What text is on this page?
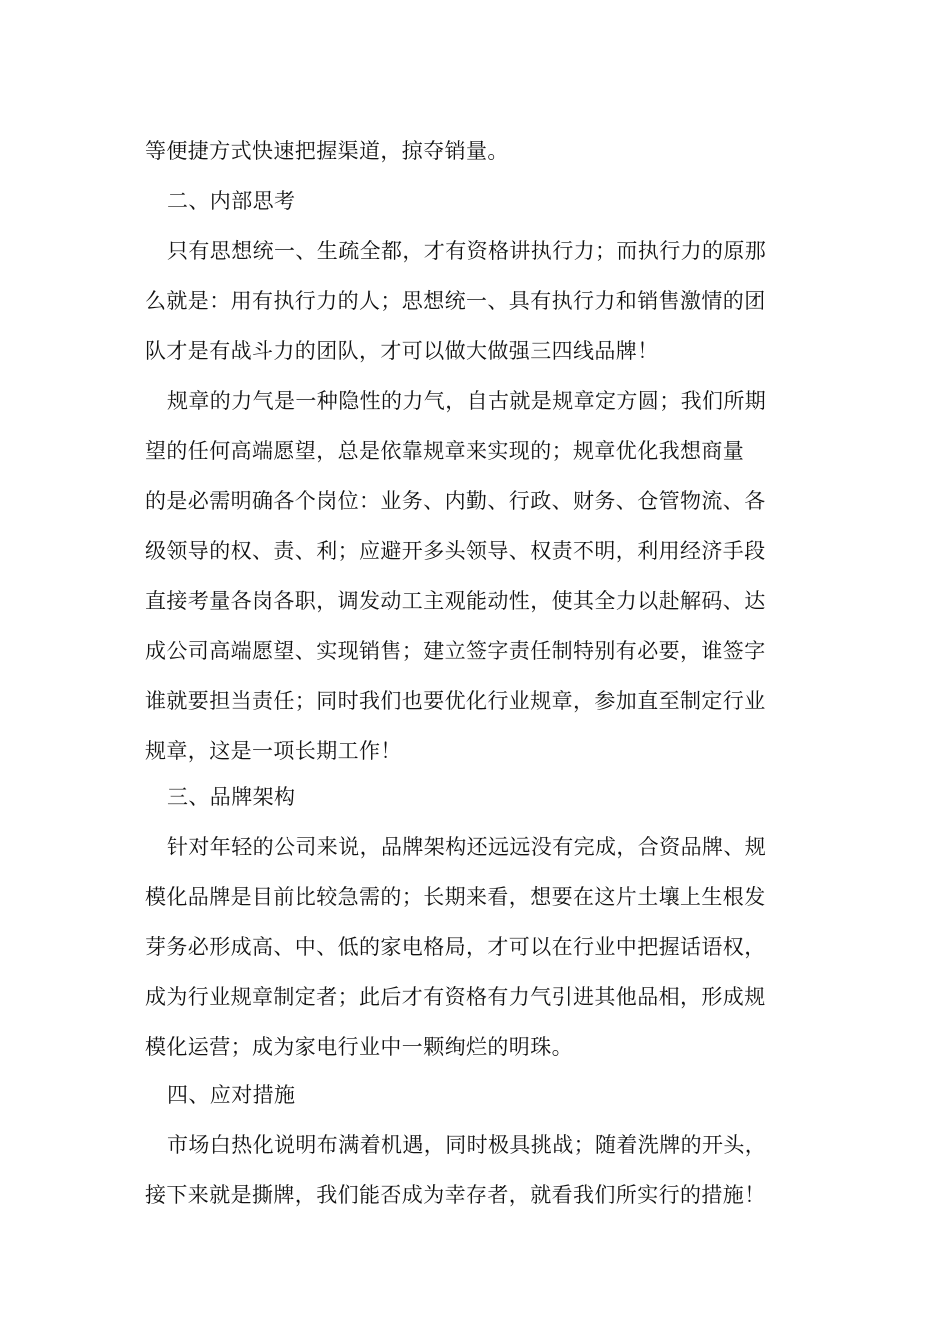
等便捷方式快速把握渠道，掠夺销量。
二、内部思考
只有思想统一、生疏全都，才有资格讲执行力；而执行力的原那
么就是：用有执行力的人；思想统一、具有执行力和销售激情的团
队才是有战斗力的团队，才可以做大做强三四线品牌！
规章的力气是一种隐性的力气，自古就是规章定方圆；我们所期
望的任何高端愿望，总是依靠规章来实现的；规章优化我想商量
的是必需明确各个岗位：业务、内勤、行政、财务、仓管物流、各
级领导的权、责、利；应避开多头领导、权责不明，利用经济手段
直接考量各岗各职，调发动工主观能动性，使其全力以赴解码、达
成公司高端愿望、实现销售；建立签字责任制特别有必要，谁签字
谁就要担当责任；同时我们也要优化行业规章，参加直至制定行业
规章，这是一项长期工作！
三、品牌架构
针对年轻的公司来说，品牌架构还远远没有完成，合资品牌、规
模化品牌是目前比较急需的；长期来看，想要在这片土壤上生根发
芽务必形成高、中、低的家电格局，才可以在行业中把握话语权，
成为行业规章制定者；此后才有资格有力气引进其他品相，形成规
模化运营；成为家电行业中一颗绚烂的明珠。
四、应对措施
市场白热化说明布满着机遇，同时极具挑战；随着洗牌的开头，
接下来就是撕牌，我们能否成为幸存者，就看我们所实行的措施！
